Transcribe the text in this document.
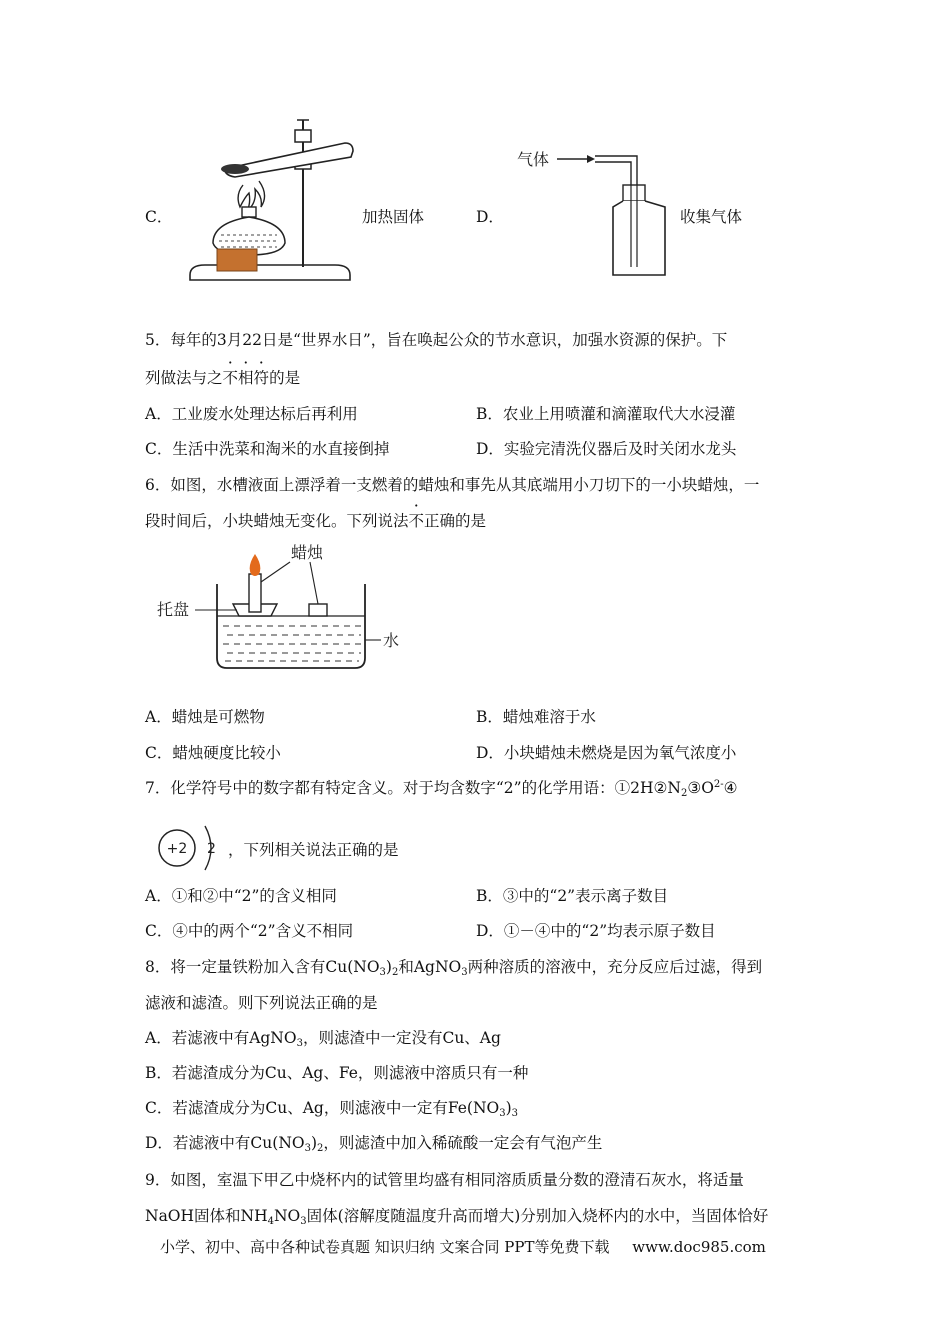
C．	加热固体	D．
气体
收集气体
5．每年的3月22日是“世界水日”，旨在唤起公众的节水意识，加强水资源的保护。下
列做法与之不相符的是
A．工业废水处理达标后再利用	B．农业上用喷灌和滴灌取代大水浸灌
C．生活中洗菜和淘米的水直接倒掉	D．实验完清洗仪器后及时关闭水龙头
6．如图，水槽液面上漂浮着一支燃着的蜡烛和事先从其底端用小刀切下的一小块蜡烛，一
段时间后，小块蜡烛无变化。下列说法不正确的是
蜡烛
托盘
水
A．蜡烛是可燃物	B．蜡烛难溶于水
C．蜡烛硬度比较小	D．小块蜡烛未燃烧是因为氧气浓度小
7．化学符号中的数字都有特定含义。对于均含数字“2”的化学用语：$①2H②N_2③O^{2-}④$
+2 2 ，下列相关说法正确的是
A．①和②中“2”的含义相同	B．③中的“2”表示离子数目
C．④中的两个“2”含义不相同	D．①－④中的“2”均表示原子数目
8．将一定量铁粉加入含有$Cu(NO_3)_2$和AgNO$_3$两种溶质的溶液中，充分反应后过滤，得到
滤液和滤渣。则下列说法正确的是
A．若滤液中有AgNO$_3$，则滤渣中一定没有Cu、Ag
B．若滤渣成分为Cu、Ag、Fe，则滤液中溶质只有一种
C．若滤渣成分为Cu、Ag，则滤液中一定有$Fe(NO_3)_3$
D．若滤液中有$Cu(NO_3)_2$，则滤渣中加入稀硫酸一定会有气泡产生
9．如图，室温下甲乙中烧杯内的试管里均盛有相同溶质质量分数的澄清石灰水，将适量
NaOH固体和$NH_4NO_3$固体(溶解度随温度升高而增大)分别加入烧杯内的水中，当固体恰好
小学、初中、高中各种试卷真题 知识归纳 文案合同 PPT等免费下载 www.doc985.com
